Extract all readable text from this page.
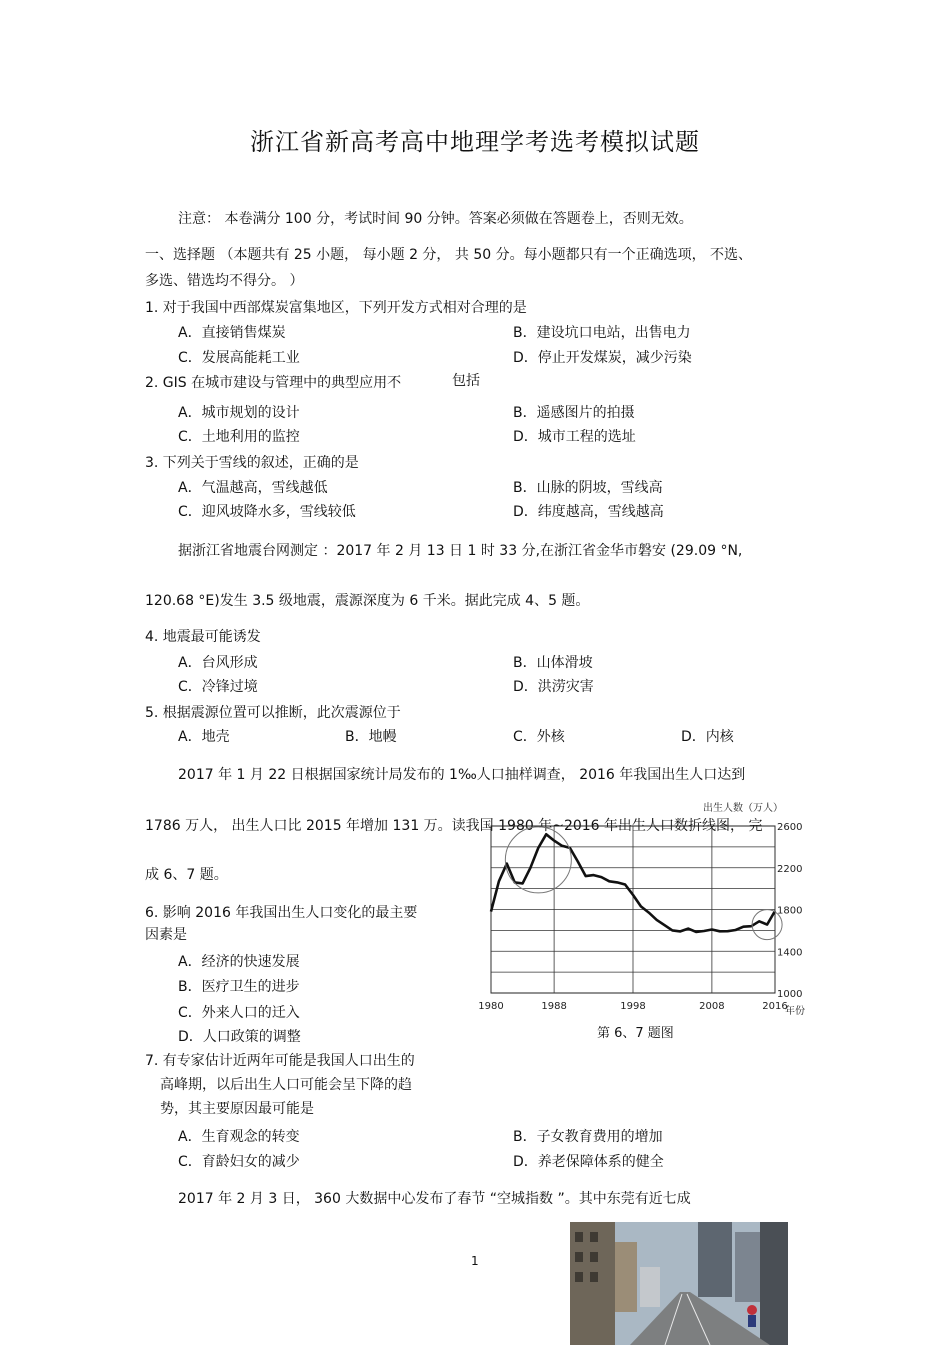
浙江省新高考高中地理学考选考模拟试题
注意： 本卷满分 100 分，考试时间 90 分钟。答案必须做在答题卷上，否则无效。
一、选择题 （本题共有 25 小题， 每小题 2 分， 共 50 分。每小题都只有一个正确选项， 不选、
多选、错选均不得分。 ）
1. 对于我国中西部煤炭富集地区，下列开发方式相对合理的是
A．直接销售煤炭	B．建设坑口电站，出售电力
C．发展高能耗工业	D．停止开发煤炭，减少污染
2. GIS 在城市建设与管理中的典型应用不	包括
A．城市规划的设计	B．遥感图片的拍摄
C．土地利用的监控	D．城市工程的选址
3. 下列关于雪线的叙述，正确的是
A．气温越高，雪线越低	B．山脉的阴坡，雪线高
C．迎风坡降水多，雪线较低	D．纬度越高，雪线越高
据浙江省地震台网测定 ：2017 年 2 月 13 日 1 时 33 分,在浙江省金华市磐安 (29.09 °N,
120.68 °E)发生 3.5 级地震，震源深度为 6 千米。据此完成 4、5 题。
4. 地震最可能诱发
A．台风形成	B．山体滑坡
C．冷锋过境	D．洪涝灾害
5. 根据震源位置可以推断，此次震源位于
A．地壳	B．地幔	C．外核	D．内核
2017 年 1 月 22 日根据国家统计局发布的 1‰人口抽样调查， 2016 年我国出生人口达到
1786 万人， 出生人口比 2015 年增加 131 万。读我国 1980 年~2016 年出生人口数折线图， 完
成 6、7 题。
出生人数（万人）
年份
1980	1988	1998	2008	2016
1000
1400
1800
2200
2600
第 6、7 题图
6. 影响 2016 年我国出生人口变化的最主要
因素是
A．经济的快速发展
B．医疗卫生的进步
C．外来人口的迁入
D．人口政策的调整
7. 有专家估计近两年可能是我国人口出生的
高峰期，以后出生人口可能会呈下降的趋
势，其主要原因最可能是
A．生育观念的转变	B．子女教育费用的增加
C．育龄妇女的减少	D．养老保障体系的健全
2017 年 2 月 3 日， 360 大数据中心发布了春节 “空城指数 ”。其中东莞有近七成
1
